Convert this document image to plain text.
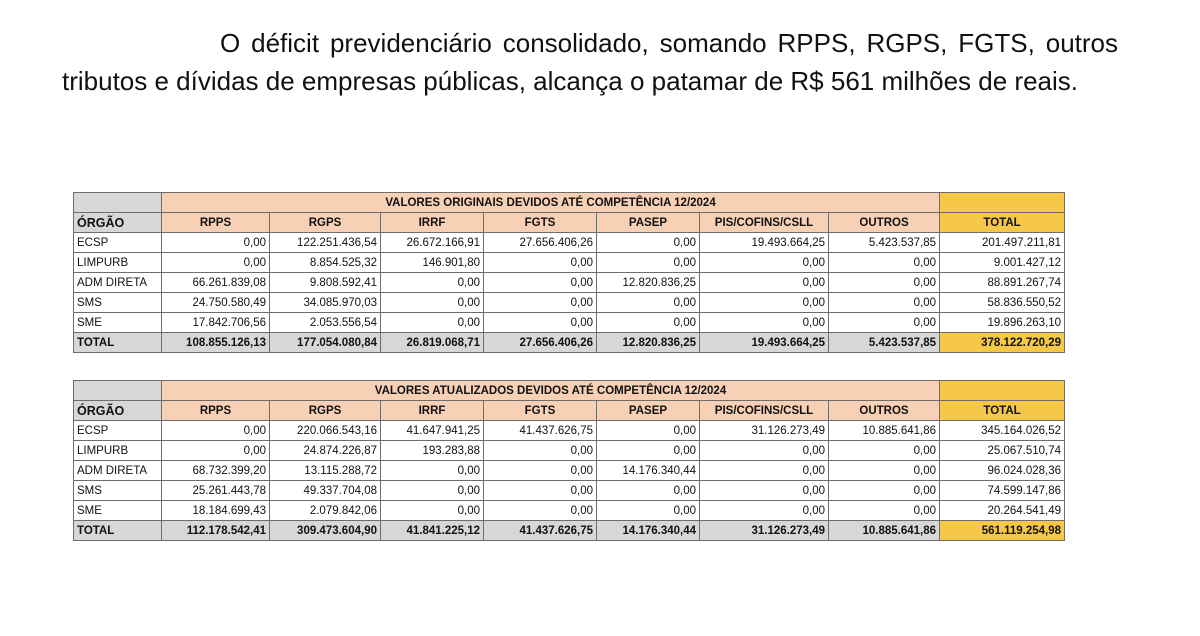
O déficit previdenciário consolidado, somando RPPS, RGPS, FGTS, outros tributos e dívidas de empresas públicas, alcança o patamar de R$ 561 milhões de reais.
	VALORES ORIGINAIS DEVIDOS ATÉ COMPETÊNCIA 12/2024							
ÓRGÃO	RPPS	RGPS	IRRF	FGTS	PASEP	PIS/COFINS/CSLL	OUTROS	TOTAL
ECSP	0,00	122.251.436,54	26.672.166,91	27.656.406,26	0,00	19.493.664,25	5.423.537,85	201.497.211,81
LIMPURB	0,00	8.854.525,32	146.901,80	0,00	0,00	0,00	0,00	9.001.427,12
ADM DIRETA	66.261.839,08	9.808.592,41	0,00	0,00	12.820.836,25	0,00	0,00	88.891.267,74
SMS	24.750.580,49	34.085.970,03	0,00	0,00	0,00	0,00	0,00	58.836.550,52
SME	17.842.706,56	2.053.556,54	0,00	0,00	0,00	0,00	0,00	19.896.263,10
TOTAL	108.855.126,13	177.054.080,84	26.819.068,71	27.656.406,26	12.820.836,25	19.493.664,25	5.423.537,85	378.122.720,29
	VALORES ATUALIZADOS DEVIDOS ATÉ COMPETÊNCIA 12/2024							
ÓRGÃO	RPPS	RGPS	IRRF	FGTS	PASEP	PIS/COFINS/CSLL	OUTROS	TOTAL
ECSP	0,00	220.066.543,16	41.647.941,25	41.437.626,75	0,00	31.126.273,49	10.885.641,86	345.164.026,52
LIMPURB	0,00	24.874.226,87	193.283,88	0,00	0,00	0,00	0,00	25.067.510,74
ADM DIRETA	68.732.399,20	13.115.288,72	0,00	0,00	14.176.340,44	0,00	0,00	96.024.028,36
SMS	25.261.443,78	49.337.704,08	0,00	0,00	0,00	0,00	0,00	74.599.147,86
SME	18.184.699,43	2.079.842,06	0,00	0,00	0,00	0,00	0,00	20.264.541,49
TOTAL	112.178.542,41	309.473.604,90	41.841.225,12	41.437.626,75	14.176.340,44	31.126.273,49	10.885.641,86	561.119.254,98
